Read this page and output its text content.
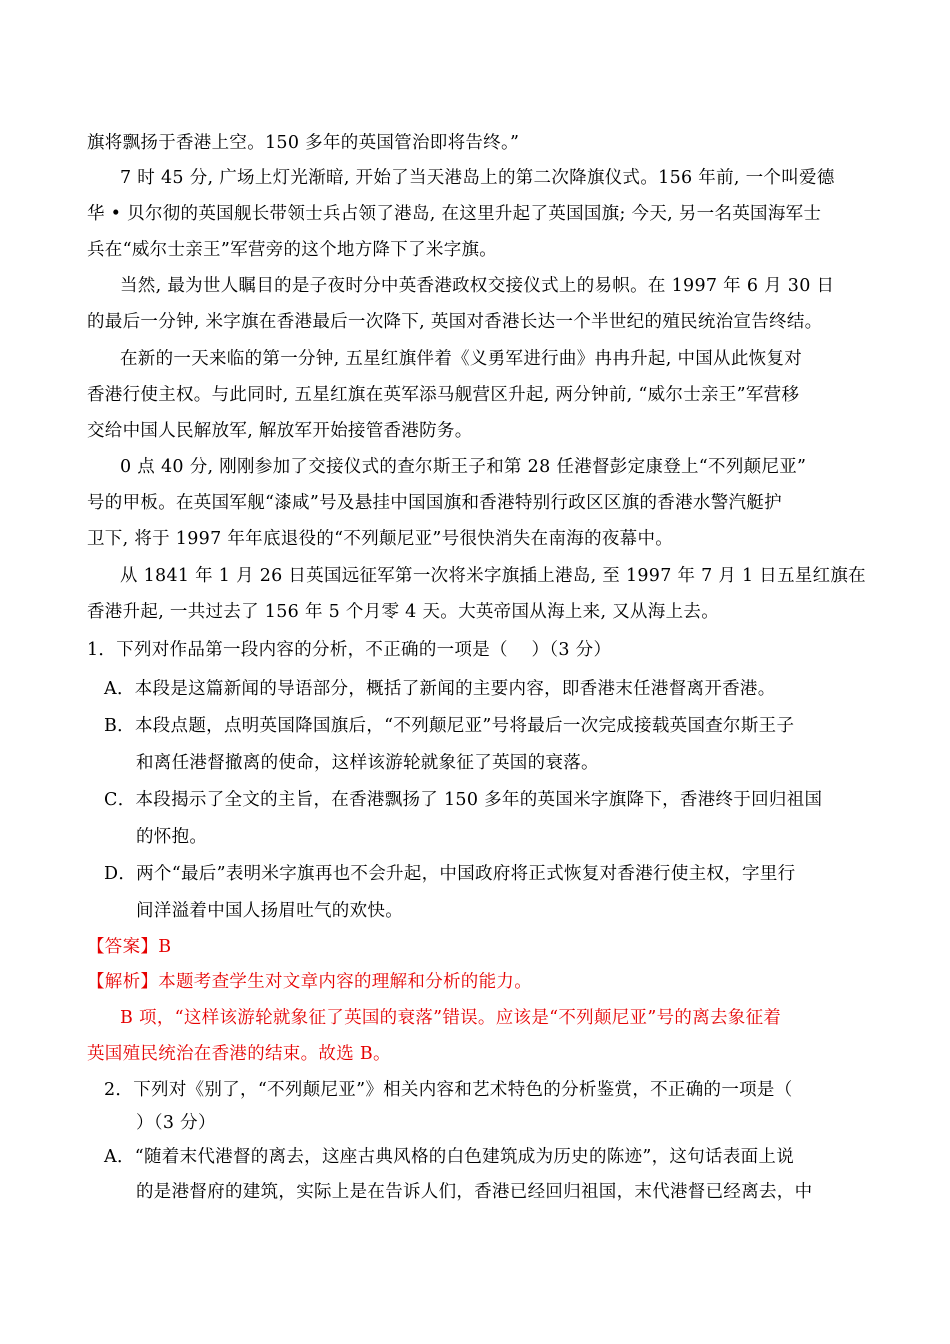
旗将飘扬于香港上空。150 多年的英国管治即将告终。”
7 时 45 分, 广场上灯光渐暗, 开始了当天港岛上的第二次降旗仪式。156 年前, 一个叫爱德
华 • 贝尔彻的英国舰长带领士兵占领了港岛, 在这里升起了英国国旗; 今天, 另一名英国海军士
兵在“威尔士亲王”军营旁的这个地方降下了米字旗。
当然, 最为世人瞩目的是子夜时分中英香港政权交接仪式上的易帜。在 1997 年 6 月 30 日
的最后一分钟, 米字旗在香港最后一次降下, 英国对香港长达一个半世纪的殖民统治宣告终结。
在新的一天来临的第一分钟, 五星红旗伴着《义勇军进行曲》冉冉升起, 中国从此恢复对
香港行使主权。与此同时, 五星红旗在英军添马舰营区升起, 两分钟前, “威尔士亲王”军营移
交给中国人民解放军, 解放军开始接管香港防务。
0 点 40 分, 刚刚参加了交接仪式的查尔斯王子和第 28 任港督彭定康登上“不列颠尼亚”
号的甲板。在英国军舰“漆咸”号及悬挂中国国旗和香港特别行政区区旗的香港水警汽艇护
卫下, 将于 1997 年年底退役的“不列颠尼亚”号很快消失在南海的夜幕中。
从 1841 年 1 月 26 日英国远征军第一次将米字旗插上港岛, 至 1997 年 7 月 1 日五星红旗在
香港升起, 一共过去了 156 年 5 个月零 4 天。大英帝国从海上来, 又从海上去。
1．下列对作品第一段内容的分析，不正确的一项是（　 ）（3 分）
A．本段是这篇新闻的导语部分，概括了新闻的主要内容，即香港末任港督离开香港。
B．本段点题，点明英国降国旗后，“不列颠尼亚”号将最后一次完成接载英国查尔斯王子
和离任港督撤离的使命，这样该游轮就象征了英国的衰落。
C．本段揭示了全文的主旨，在香港飘扬了 150 多年的英国米字旗降下，香港终于回归祖国
的怀抱。
D．两个“最后”表明米字旗再也不会升起，中国政府将正式恢复对香港行使主权，字里行
间洋溢着中国人扬眉吐气的欢快。
【答案】B
【解析】本题考查学生对文章内容的理解和分析的能力。
B 项，“这样该游轮就象征了英国的衰落”错误。应该是“不列颠尼亚”号的离去象征着
英国殖民统治在香港的结束。故选 B。
2．下列对《别了，“不列颠尼亚”》相关内容和艺术特色的分析鉴赏，不正确的一项是（
）（3 分）
A．“随着末代港督的离去，这座古典风格的白色建筑成为历史的陈迹”，这句话表面上说
的是港督府的建筑，实际上是在告诉人们，香港已经回归祖国，末代港督已经离去，中
